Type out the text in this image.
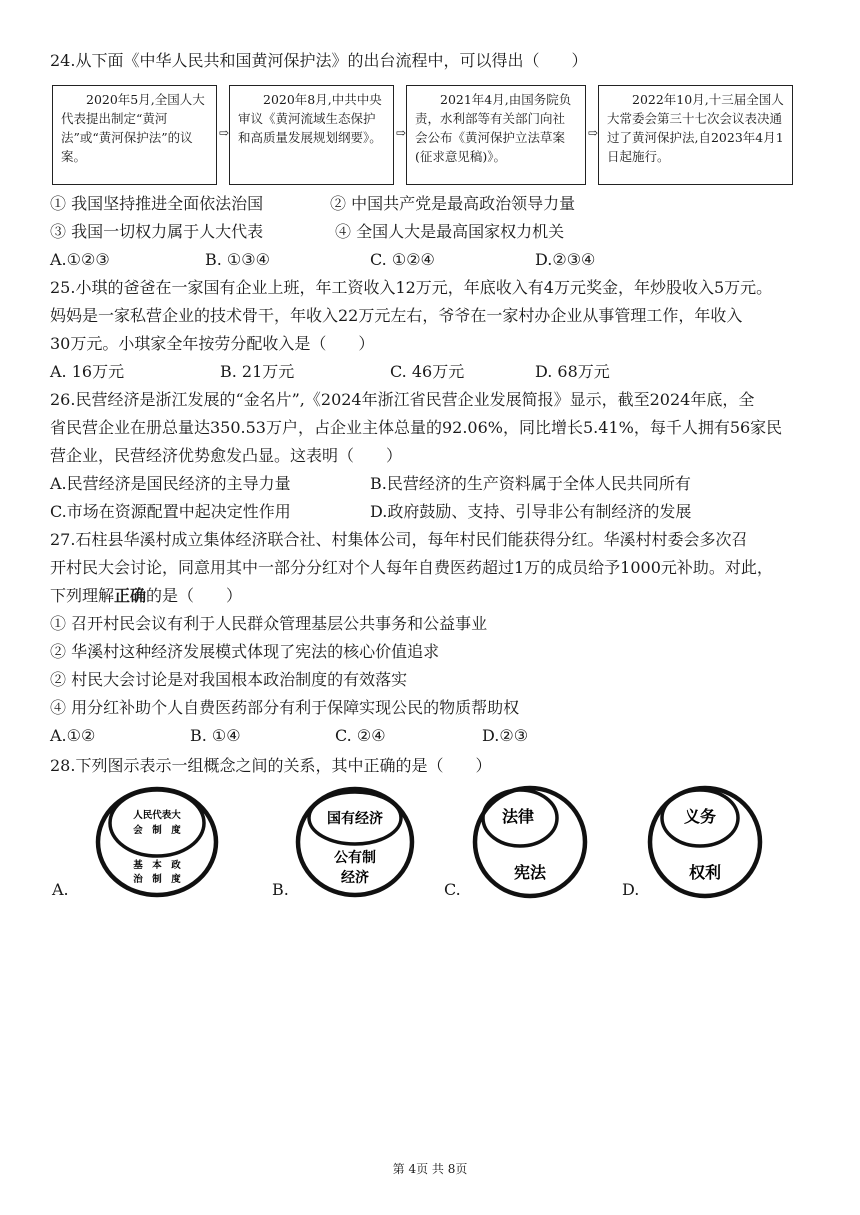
24.从下面《中华人民共和国黄河保护法》的出台流程中，可以得出（　　）
2020年5月,全国人大代表提出制定“黄河法”或“黄河保护法”的议案。
⇨
2020年8月,中共中央审议《黄河流域生态保护和高质量发展规划纲要》。	⇨
2021年4月,由国务院负责，水利部等有关部门向社会公布《黄河保护立法草案(征求意见稿)》。
⇨
2022年10月,十三届全国人大常委会第三十七次会议表决通过了黄河保护法,自2023年4月1日起施行。
① 我国坚持推进全面依法治国	② 中国共产党是最高政治领导力量
③ 我国一切权力属于人大代表	④ 全国人大是最高国家权力机关
A.①②③	B. ①③④	C. ①②④	D.②③④
25.小琪的爸爸在一家国有企业上班，年工资收入12万元，年底收入有4万元奖金，年炒股收入5万元。
妈妈是一家私营企业的技术骨干，年收入22万元左右，爷爷在一家村办企业从事管理工作，年收入
30万元。小琪家全年按劳分配收入是（　　）
A. 16万元	B. 21万元	C. 46万元	D. 68万元
26.民营经济是浙江发展的“金名片”,《2024年浙江省民营企业发展简报》显示，截至2024年底，全
省民营企业在册总量达350.53万户，占企业主体总量的92.06%，同比增长5.41%，每千人拥有56家民
营企业，民营经济优势愈发凸显。这表明（　　）
A.民营经济是国民经济的主导力量	B.民营经济的生产资料属于全体人民共同所有
C.市场在资源配置中起决定性作用	D.政府鼓励、支持、引导非公有制经济的发展
27.石柱县华溪村成立集体经济联合社、村集体公司，每年村民们能获得分红。华溪村村委会多次召
开村民大会讨论，同意用其中一部分分红对个人每年自费医药超过1万的成员给予1000元补助。对此，
下列理解正确的是（　　）
① 召开村民会议有利于人民群众管理基层公共事务和公益事业
② 华溪村这种经济发展模式体现了宪法的核心价值追求
② 村民大会讨论是对我国根本政治制度的有效落实
④ 用分红补助个人自费医药部分有利于保障实现公民的物质帮助权
A.①②	B. ①④	C. ②④	D.②③
28.下列图示表示一组概念之间的关系，其中正确的是（　　）
人民代表大
会　制　度
基　本　政
治　制　度
A.
国有经济
公有制
经济
B.
法律
宪法
C.
义务
权利
D.
第 4页 共 8页
